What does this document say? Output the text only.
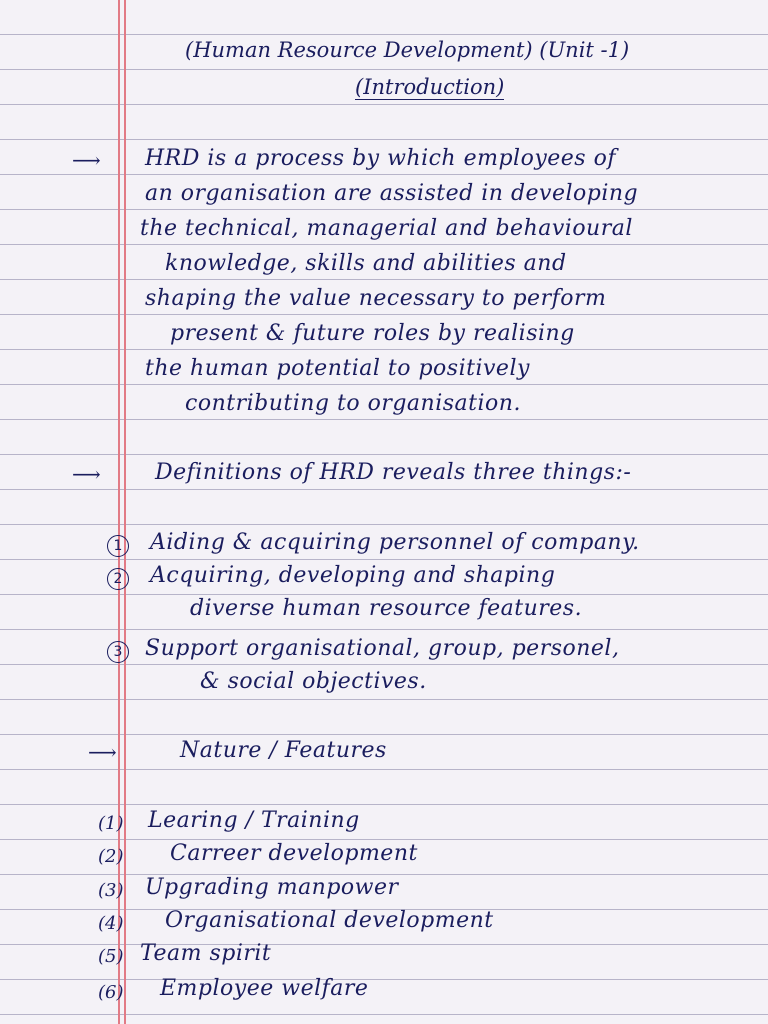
(Human Resource Development) (Unit -1)
(Introduction)
⟶ HRD is a process by which employees of
an organisation are assisted in developing
the technical, managerial and behavioural
knowledge, skills and abilities and
shaping the value necessary to perform
present & future roles by realising
the human potential to positively
contributing to organisation.
⟶ Definitions of HRD reveals three things:-
1 Aiding & acquiring personnel of company.
2 Acquiring, developing and shaping
diverse human resource features.
3 Support organisational, group, personel,
& social objectives.
⟶	Nature / Features
(1) Learing / Training
(2) Carreer development
(3) Upgrading manpower
(4) Organisational development
(5) Team spirit
(6) Employee welfare
